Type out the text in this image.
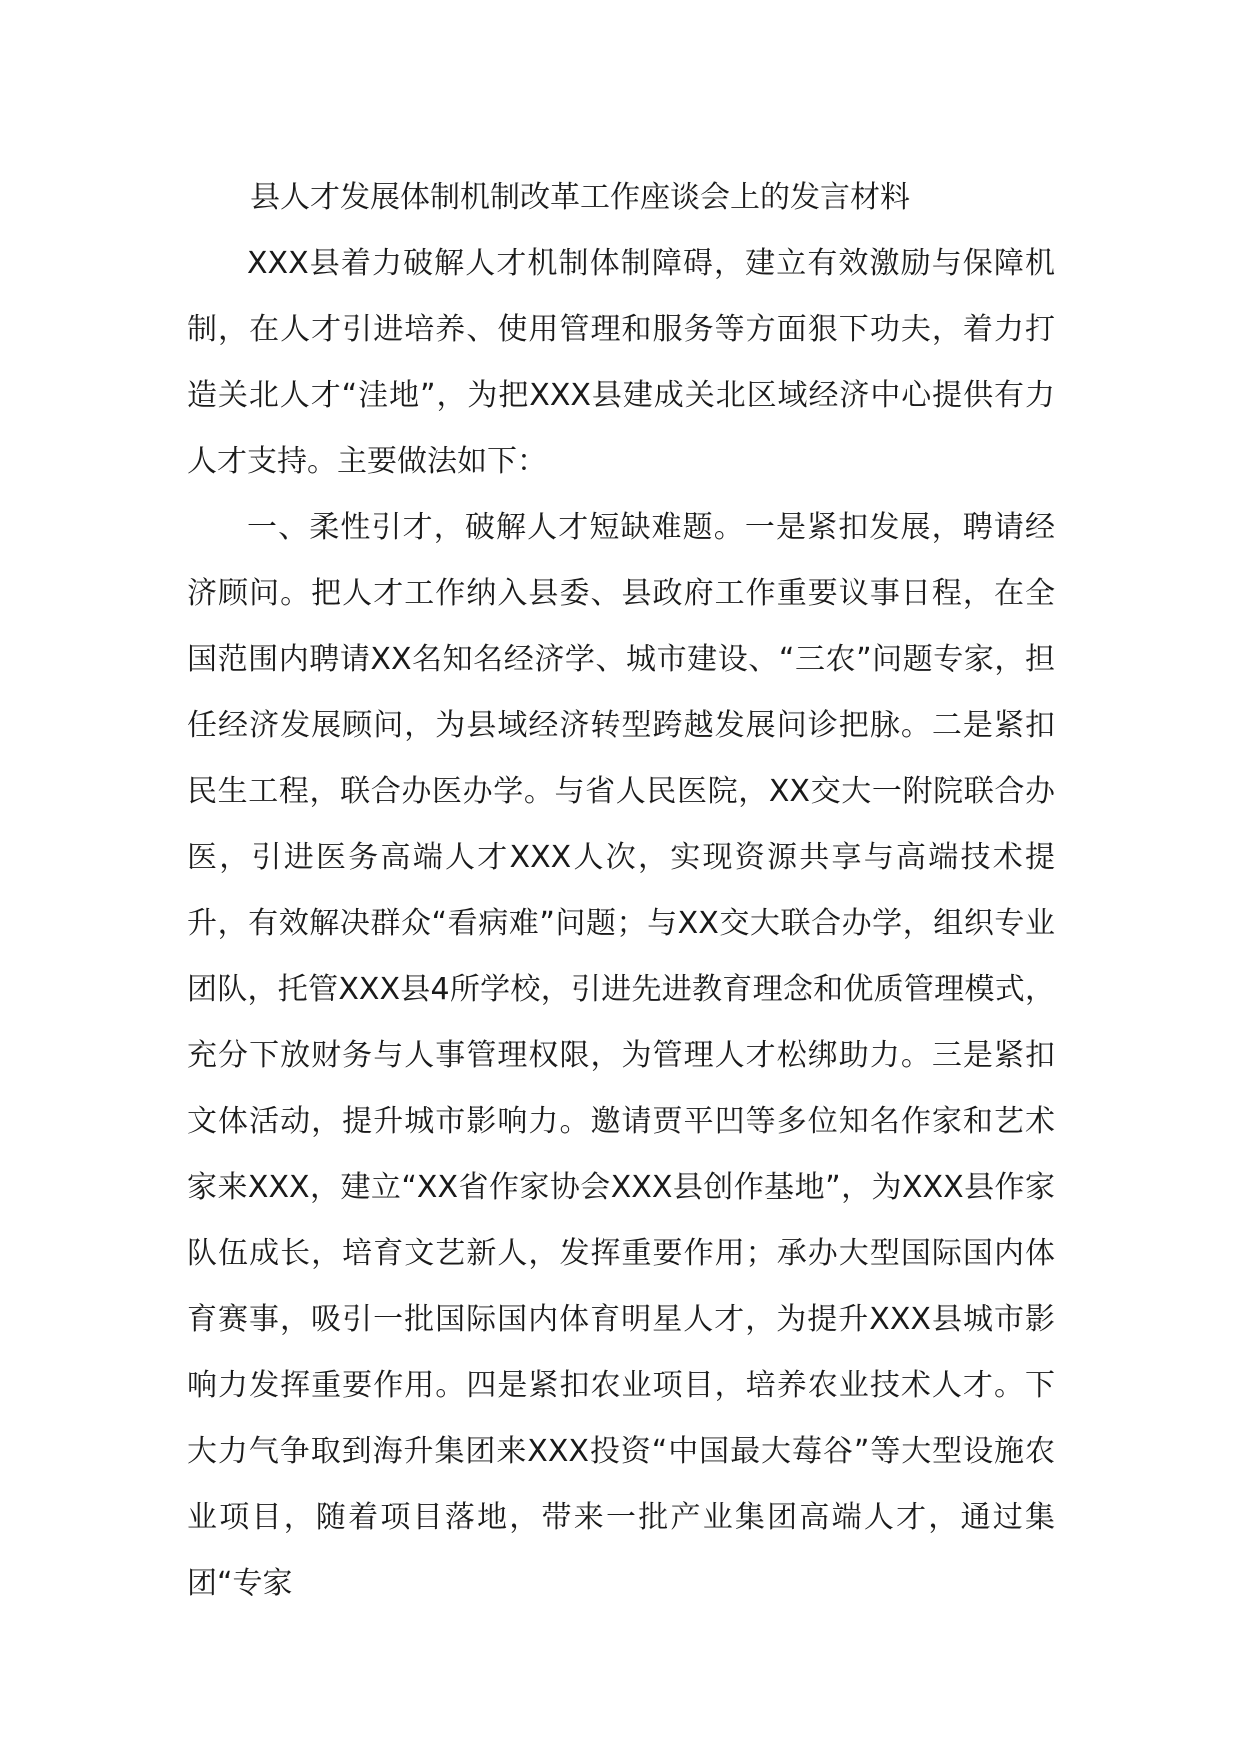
县人才发展体制机制改革工作座谈会上的发言材料

XXX县着力破解人才机制体制障碍，建立有效激励与保障机制，在人才引进培养、使用管理和服务等方面狠下功夫，着力打造关北人才“洼地”，为把XXX县建成关北区域经济中心提供有力人才支持。主要做法如下：

一、柔性引才，破解人才短缺难题。一是紧扣发展，聘请经济顾问。把人才工作纳入县委、县政府工作重要议事日程，在全国范围内聘请XX名知名经济学、城市建设、“三农”问题专家，担任经济发展顾问，为县域经济转型跨越发展问诊把脉。二是紧扣民生工程，联合办医办学。与省人民医院，XX交大一附院联合办医，引进医务高端人才XXX人次，实现资源共享与高端技术提升，有效解决群众“看病难”问题；与XX交大联合办学，组织专业团队，托管XXX县4所学校，引进先进教育理念和优质管理模式，充分下放财务与人事管理权限，为管理人才松绑助力。三是紧扣文体活动，提升城市影响力。邀请贾平凹等多位知名作家和艺术家来XXX，建立“XX省作家协会XXX县创作基地”，为XXX县作家队伍成长，培育文艺新人，发挥重要作用；承办大型国际国内体育赛事，吸引一批国际国内体育明星人才，为提升XXX县城市影响力发挥重要作用。四是紧扣农业项目，培养农业技术人才。下大力气争取到海升集团来XXX投资“中国最大莓谷”等大型设施农业项目，随着项目落地，带来一批产业集团高端人才，通过集团“专家
